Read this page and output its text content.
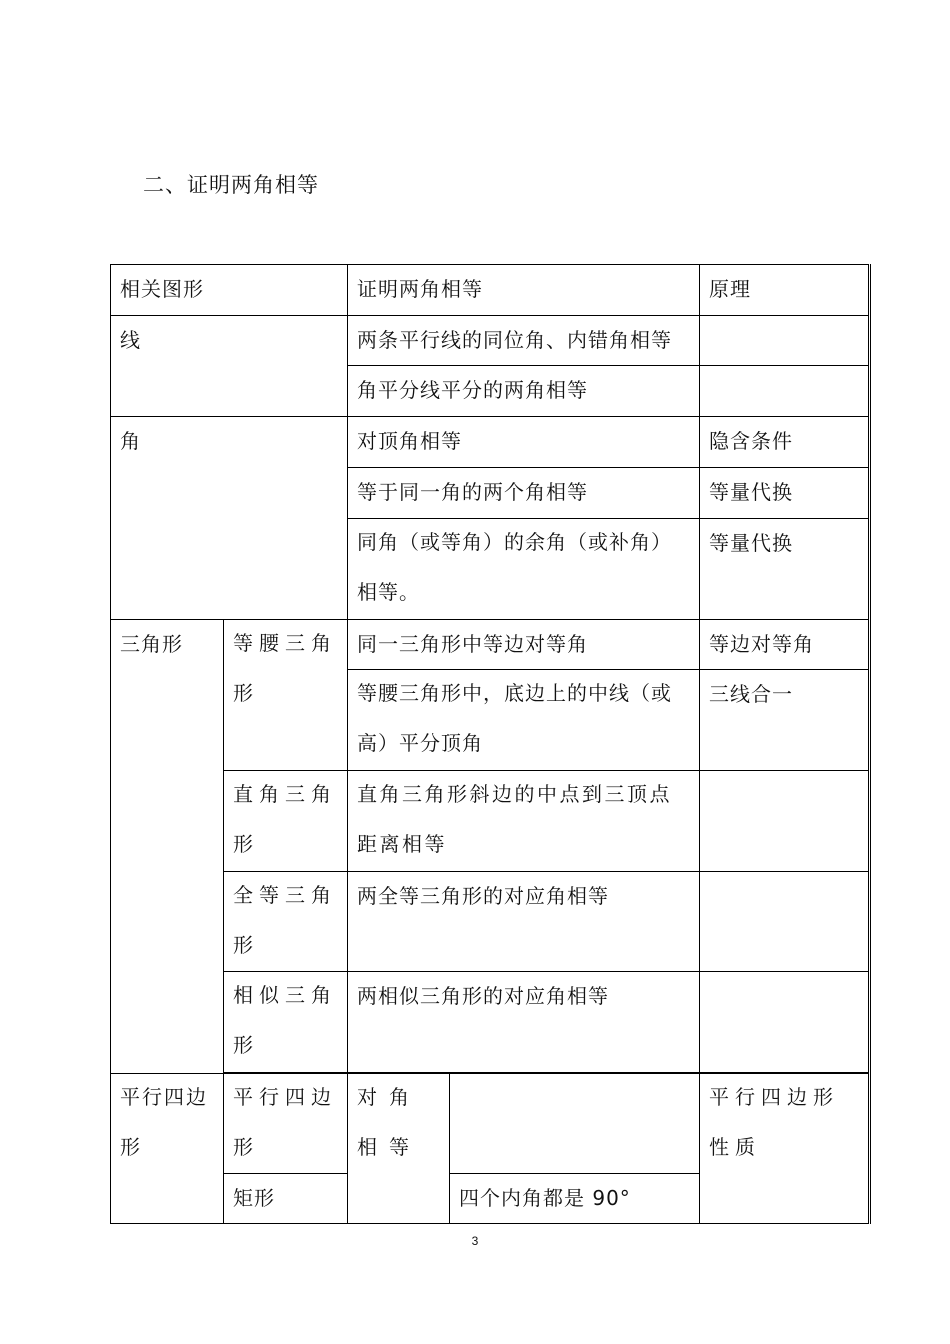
二、证明两角相等
相关图形		证明两角相等		原理
线		两条平行线的同位角、内错角相等		
		角平分线平分的两角相等		
角		对顶角相等		隐含条件
		等于同一角的两个角相等		等量代换

		同角（或等角）的余角（或补角）相等。		等量代换
三角形	等腰三角形	同一三角形中等边对等角		等边对等角

		等腰三角形中，底边上的中线（或高）平分顶角		三线合一

	直角三角形	直角三角形斜边的中点到三顶点距离相等		

	全等三角形	两全等三角形的对应角相等		

	相似三角形	两相似三角形的对应角相等		

平行四边形	平行四边形	对角相等		平行四边形性质

	矩形		四个内角都是 90°	
3
